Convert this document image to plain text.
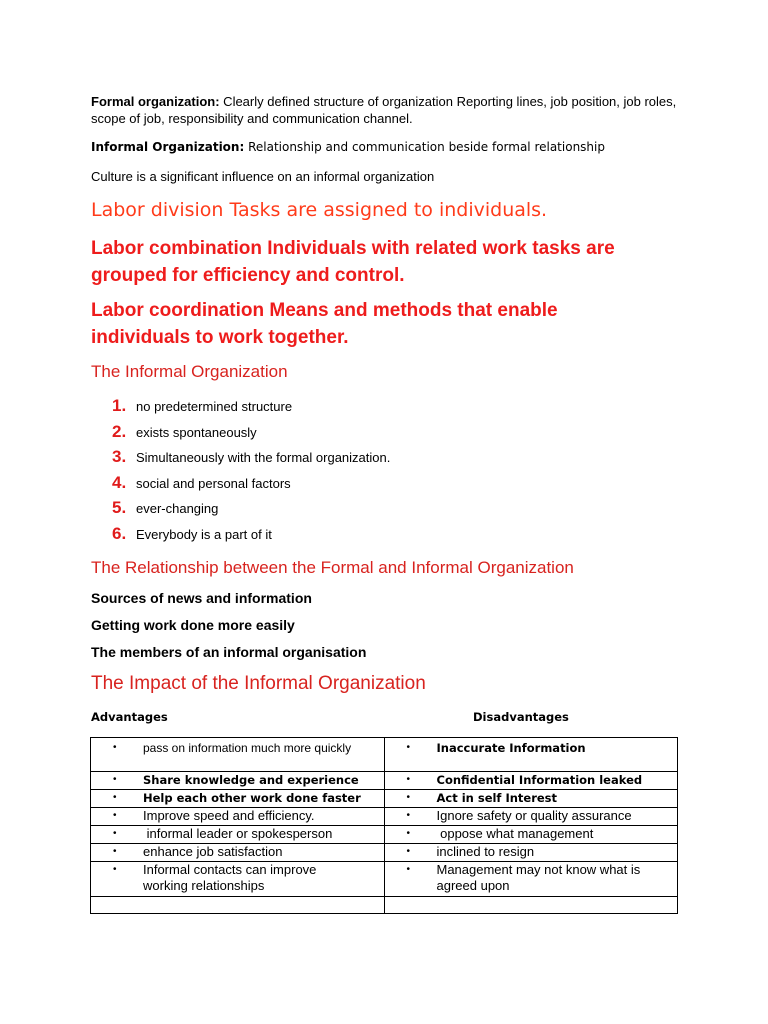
Formal organization: Clearly defined structure of organization Reporting lines, job position, job roles, scope of job, responsibility and communication channel.
Informal Organization: Relationship and communication beside formal relationship
Culture is a significant influence on an informal organization
Labor division Tasks are assigned to individuals.
Labor combination Individuals with related work tasks are grouped for efficiency and control.
Labor coordination Means and methods that enable individuals to work together.
The Informal Organization
1. no predetermined structure
2. exists spontaneously
3. Simultaneously with the formal organization.
4. social and personal factors
5. ever-changing
6. Everybody is a part of it
The Relationship between the Formal and Informal Organization
Sources of news and information
Getting work done more easily
The members of an informal organisation
The Impact of the Informal Organization
Advantages	Disadvantages
• pass on information much more quickly	• Inaccurate Information

• Share knowledge and experience	• Confidential Information leaked

• Help each other work done faster	• Act in self Interest

• Improve speed and efficiency.	• Ignore safety or quality assurance

• informal leader or spokesperson	• oppose what management

• enhance job satisfaction	• inclined to resign

• Informal contacts can improve working relationships	• Management may not know what is agreed upon
